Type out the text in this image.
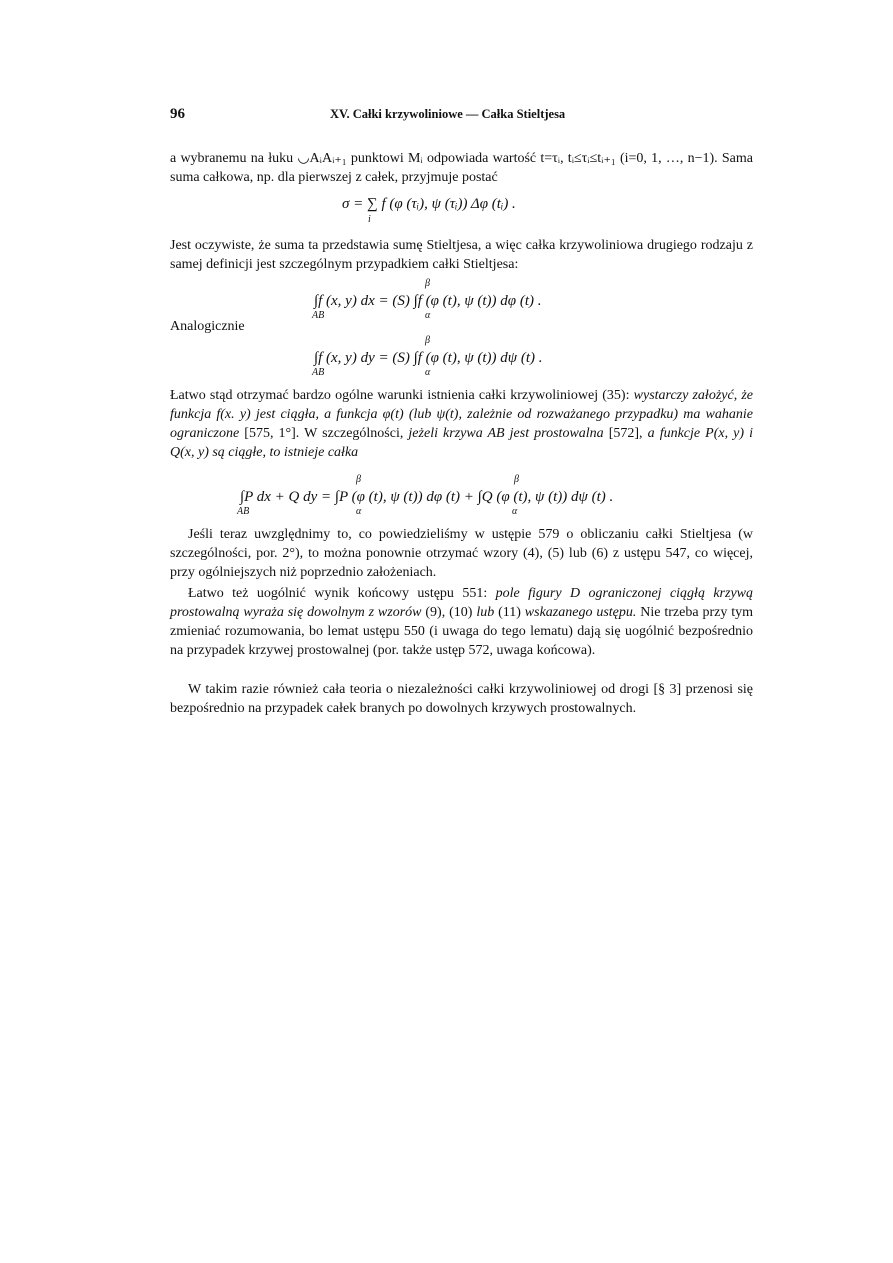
96	XV. Całki krzywoliniowe — Całka Stieltjesa
a wybranemu na łuku ◡AᵢAᵢ₊₁ punktowi Mᵢ odpowiada wartość t=τᵢ, tᵢ≤τᵢ≤tᵢ₊₁ (i=0, 1, …, n−1). Sama suma całkowa, np. dla pierwszej z całek, przyjmuje postać
σ = ∑ f (φ (τᵢ), ψ (τᵢ)) Δφ (tᵢ) .
i
Jest oczywiste, że suma ta przedstawia sumę Stieltjesa, a więc całka krzywoliniowa drugiego rodzaju z samej definicji jest szczególnym przypadkiem całki Stieltjesa:
∫f (x, y) dx = (S) ∫f (φ (t), ψ (t)) dφ (t) .
β
AB	α
Analogicznie
∫f (x, y) dy = (S) ∫f (φ (t), ψ (t)) dψ (t) .
β
AB	α
Łatwo stąd otrzymać bardzo ogólne warunki istnienia całki krzywoliniowej (35): wystarczy założyć, że funkcja f(x. y) jest ciągła, a funkcja φ(t) (lub ψ(t), zależnie od rozważanego przypadku) ma wahanie ograniczone [575, 1°]. W szczególności, jeżeli krzywa AB jest prostowalna [572], a funkcje P(x, y) i Q(x, y) są ciągłe, to istnieje całka
∫P dx + Q dy = ∫P (φ (t), ψ (t)) dφ (t) + ∫Q (φ (t), ψ (t)) dψ (t) .
β
AB	α
β
α
Jeśli teraz uwzględnimy to, co powiedzieliśmy w ustępie 579 o obliczaniu całki Stieltjesa (w szczególności, por. 2°), to można ponownie otrzymać wzory (4), (5) lub (6) z ustępu 547, co więcej, przy ogólniejszych niż poprzednio założeniach.
Łatwo też uogólnić wynik końcowy ustępu 551: pole figury D ograniczonej ciągłą krzywą prostowalną wyraża się dowolnym z wzorów (9), (10) lub (11) wskazanego ustępu. Nie trzeba przy tym zmieniać rozumowania, bo lemat ustępu 550 (i uwaga do tego lematu) dają się uogólnić bezpośrednio na przypadek krzywej prostowalnej (por. także ustęp 572, uwaga końcowa).
W takim razie również cała teoria o niezależności całki krzywoliniowej od drogi [§ 3] przenosi się bezpośrednio na przypadek całek branych po dowolnych krzywych prostowalnych.
